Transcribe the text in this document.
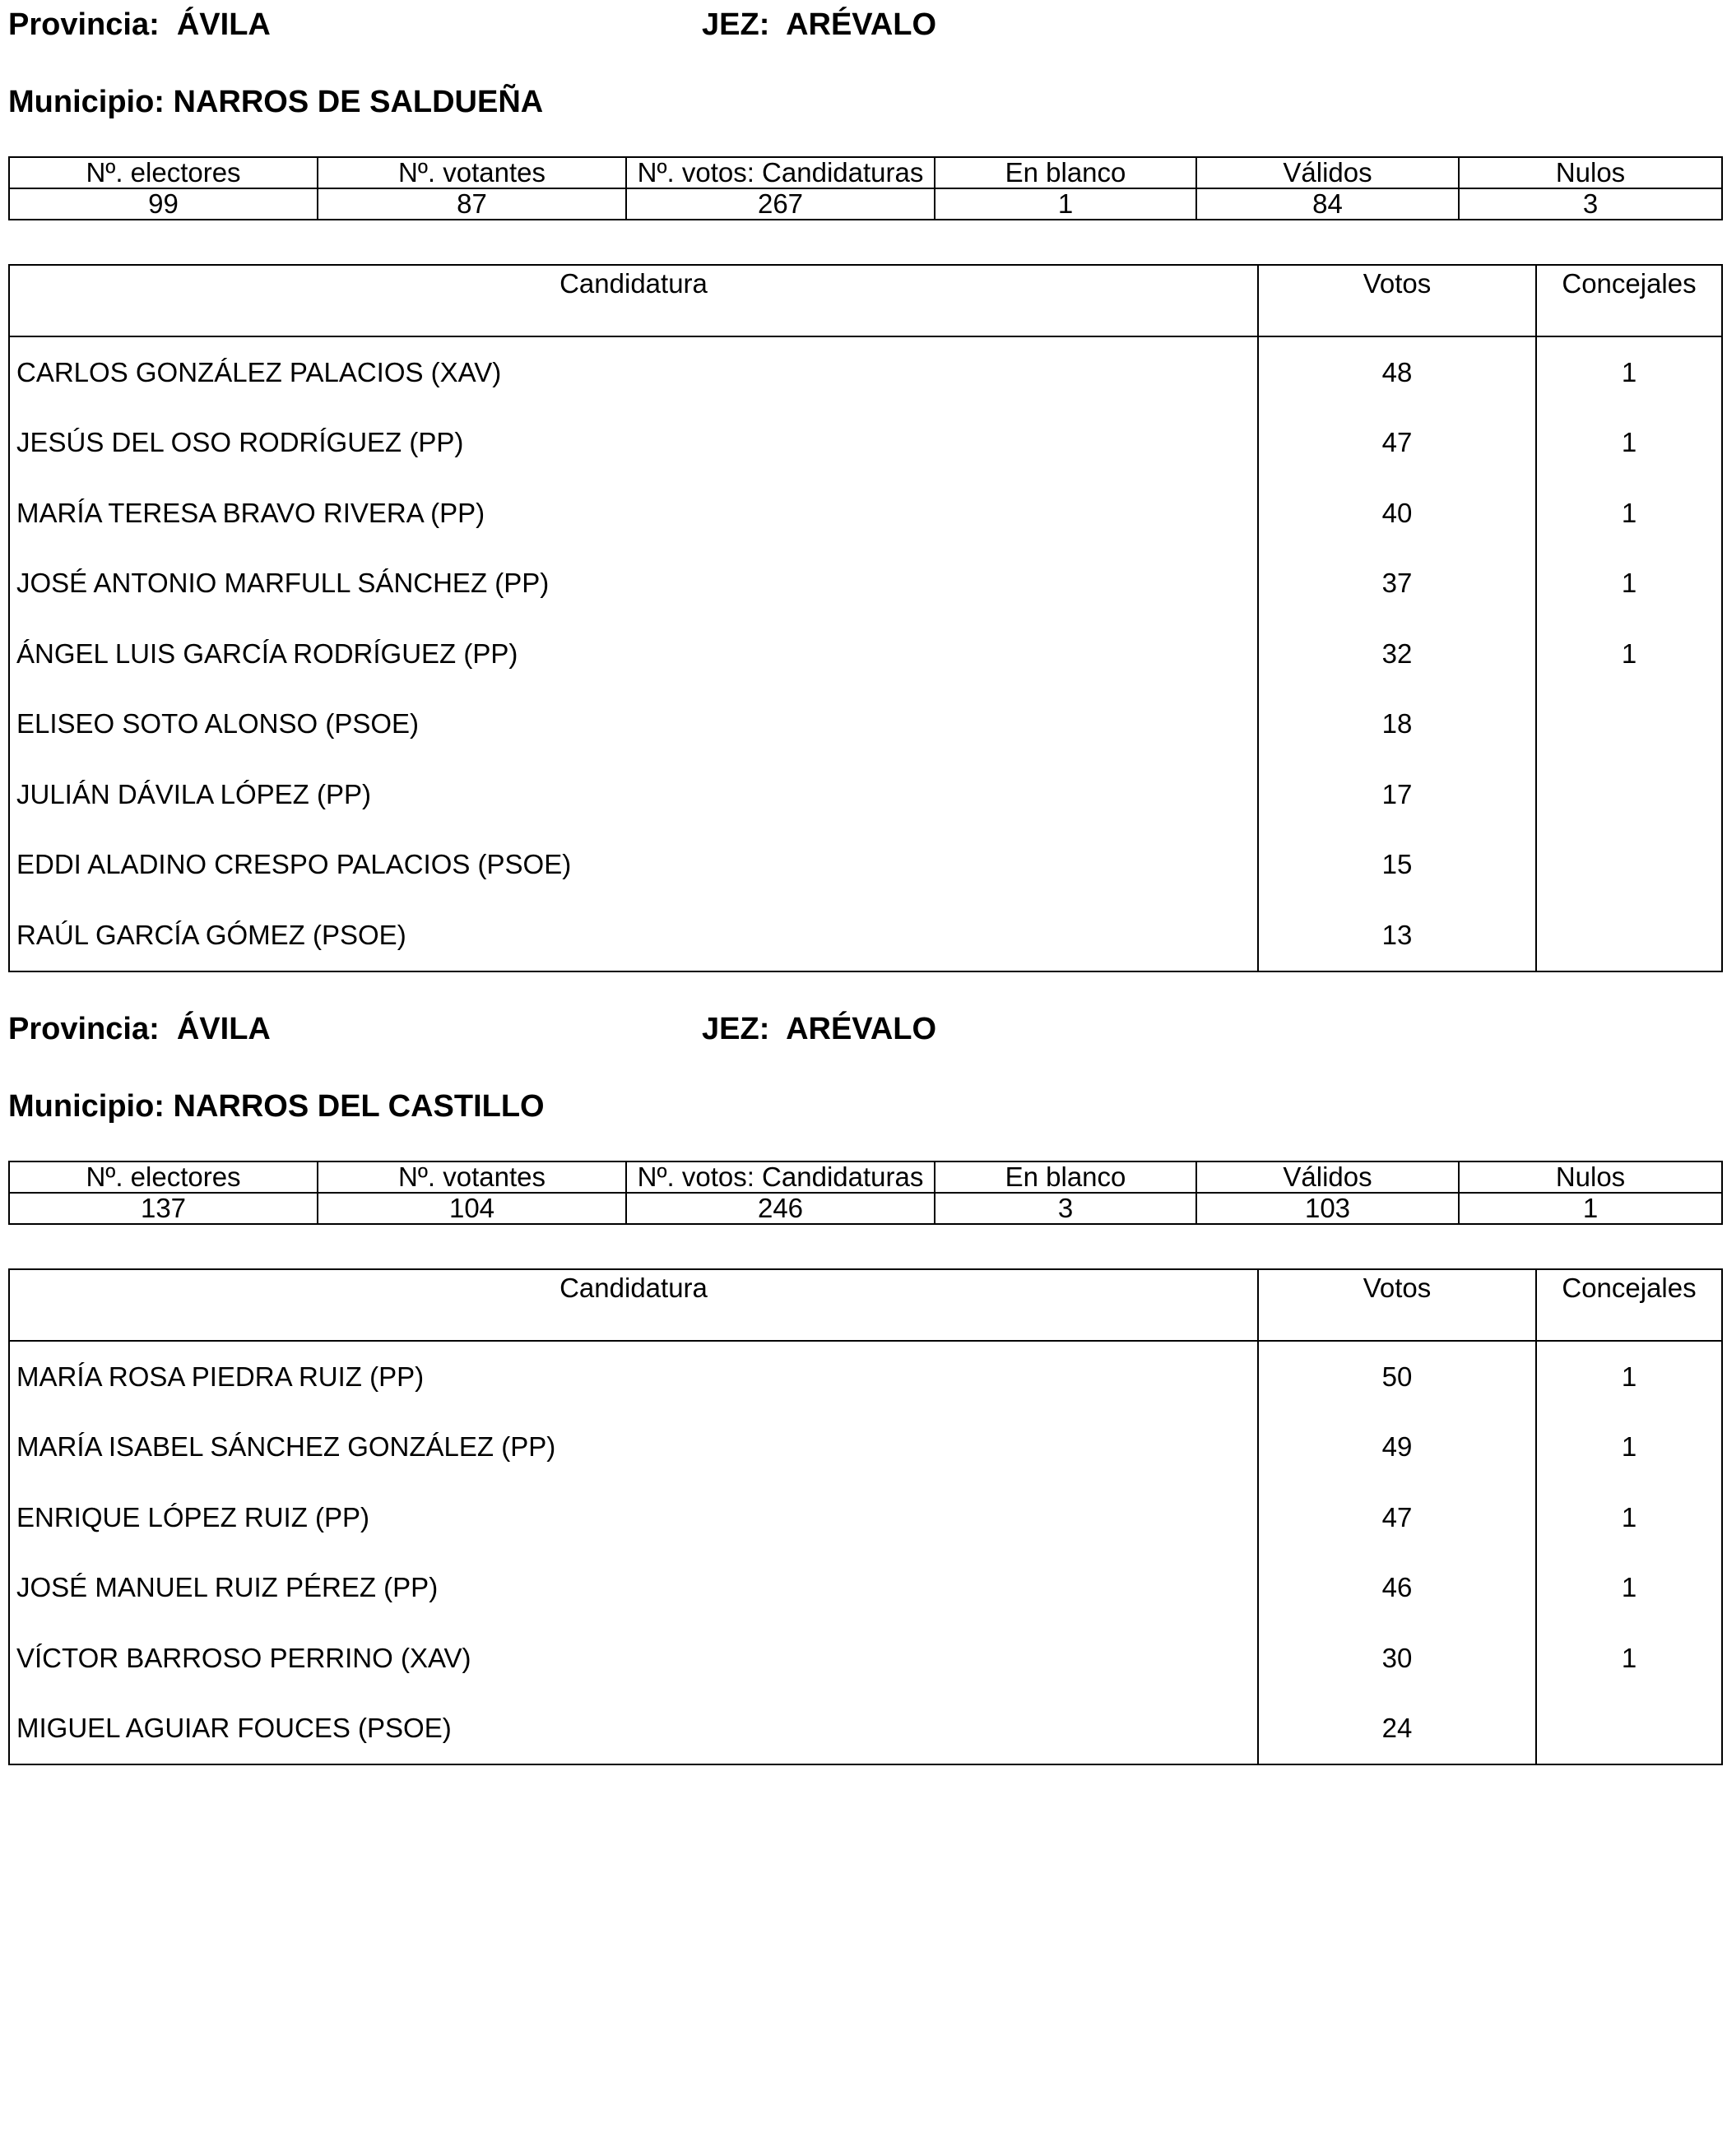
Provincia: ÁVILA	JEZ: ARÉVALO
Municipio: NARROS DE SALDUEÑA
Nº. electores	Nº. votantes	Nº. votos: Candidaturas	En blanco	Válidos	Nulos
99	87	267	1	84	3
Candidatura	Votos	Concejales
CARLOS GONZÁLEZ PALACIOS (XAV)	48	1
JESÚS DEL OSO RODRÍGUEZ (PP)	47	1
MARÍA TERESA BRAVO RIVERA (PP)	40	1
JOSÉ ANTONIO MARFULL SÁNCHEZ (PP)	37	1
ÁNGEL LUIS GARCÍA RODRÍGUEZ (PP)	32	1
ELISEO SOTO ALONSO (PSOE)	18	
JULIÁN DÁVILA LÓPEZ (PP)	17	
EDDI ALADINO CRESPO PALACIOS (PSOE)	15	
RAÚL GARCÍA GÓMEZ (PSOE)	13	
Provincia: ÁVILA	JEZ: ARÉVALO
Municipio: NARROS DEL CASTILLO
Nº. electores	Nº. votantes	Nº. votos: Candidaturas	En blanco	Válidos	Nulos
137	104	246	3	103	1
Candidatura	Votos	Concejales
MARÍA ROSA PIEDRA RUIZ (PP)	50	1
MARÍA ISABEL SÁNCHEZ GONZÁLEZ (PP)	49	1
ENRIQUE LÓPEZ RUIZ (PP)	47	1
JOSÉ MANUEL RUIZ PÉREZ (PP)	46	1
VÍCTOR BARROSO PERRINO (XAV)	30	1
MIGUEL AGUIAR FOUCES (PSOE)	24	
